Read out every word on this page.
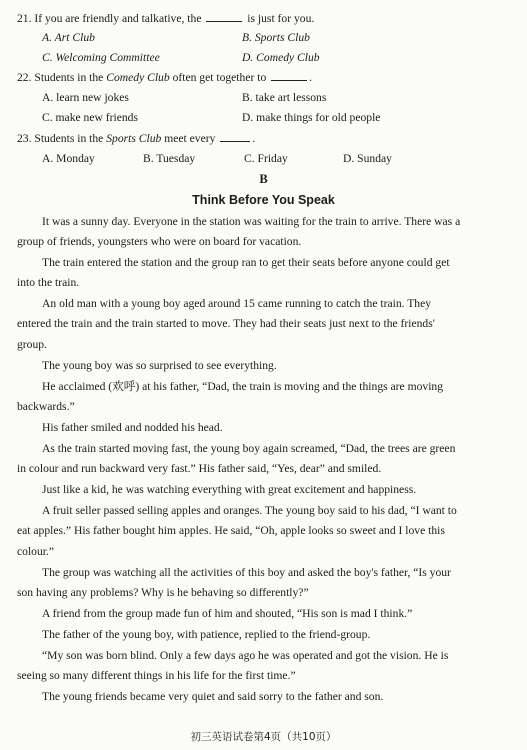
21. If you are friendly and talkative, the	is just for you.
A. Art Club	B. Sports Club
C. Welcoming Committee	D. Comedy Club
22. Students in the Comedy Club often get together to	.
A. learn new jokes	B. take art lessons
C. make new friends	D. make things for old people
23. Students in the Sports Club meet every	.
A. Monday	B. Tuesday	C. Friday	D. Sunday
B
Think Before You Speak
It was a sunny day. Everyone in the station was waiting for the train to arrive. There was a
group of friends, youngsters who were on board for vacation.
The train entered the station and the group ran to get their seats before anyone could get
into the train.
An old man with a young boy aged around 15 came running to catch the train. They
entered the train and the train started to move. They had their seats just next to the friends'
group.
The young boy was so surprised to see everything.
He acclaimed (欢呼) at his father, “Dad, the train is moving and the things are moving
backwards.”
His father smiled and nodded his head.
As the train started moving fast, the young boy again screamed, “Dad, the trees are green
in colour and run backward very fast.” His father said, “Yes, dear” and smiled.
Just like a kid, he was watching everything with great excitement and happiness.
A fruit seller passed selling apples and oranges. The young boy said to his dad, “I want to
eat apples.” His father bought him apples. He said, “Oh, apple looks so sweet and I love this
colour.”
The group was watching all the activities of this boy and asked the boy's father, “Is your
son having any problems? Why is he behaving so differently?”
A friend from the group made fun of him and shouted, “His son is mad I think.”
The father of the young boy, with patience, replied to the friend-group.
“My son was born blind. Only a few days ago he was operated and got the vision. He is
seeing so many different things in his life for the first time.”
The young friends became very quiet and said sorry to the father and son.
初三英语试卷第4页（共10页）
